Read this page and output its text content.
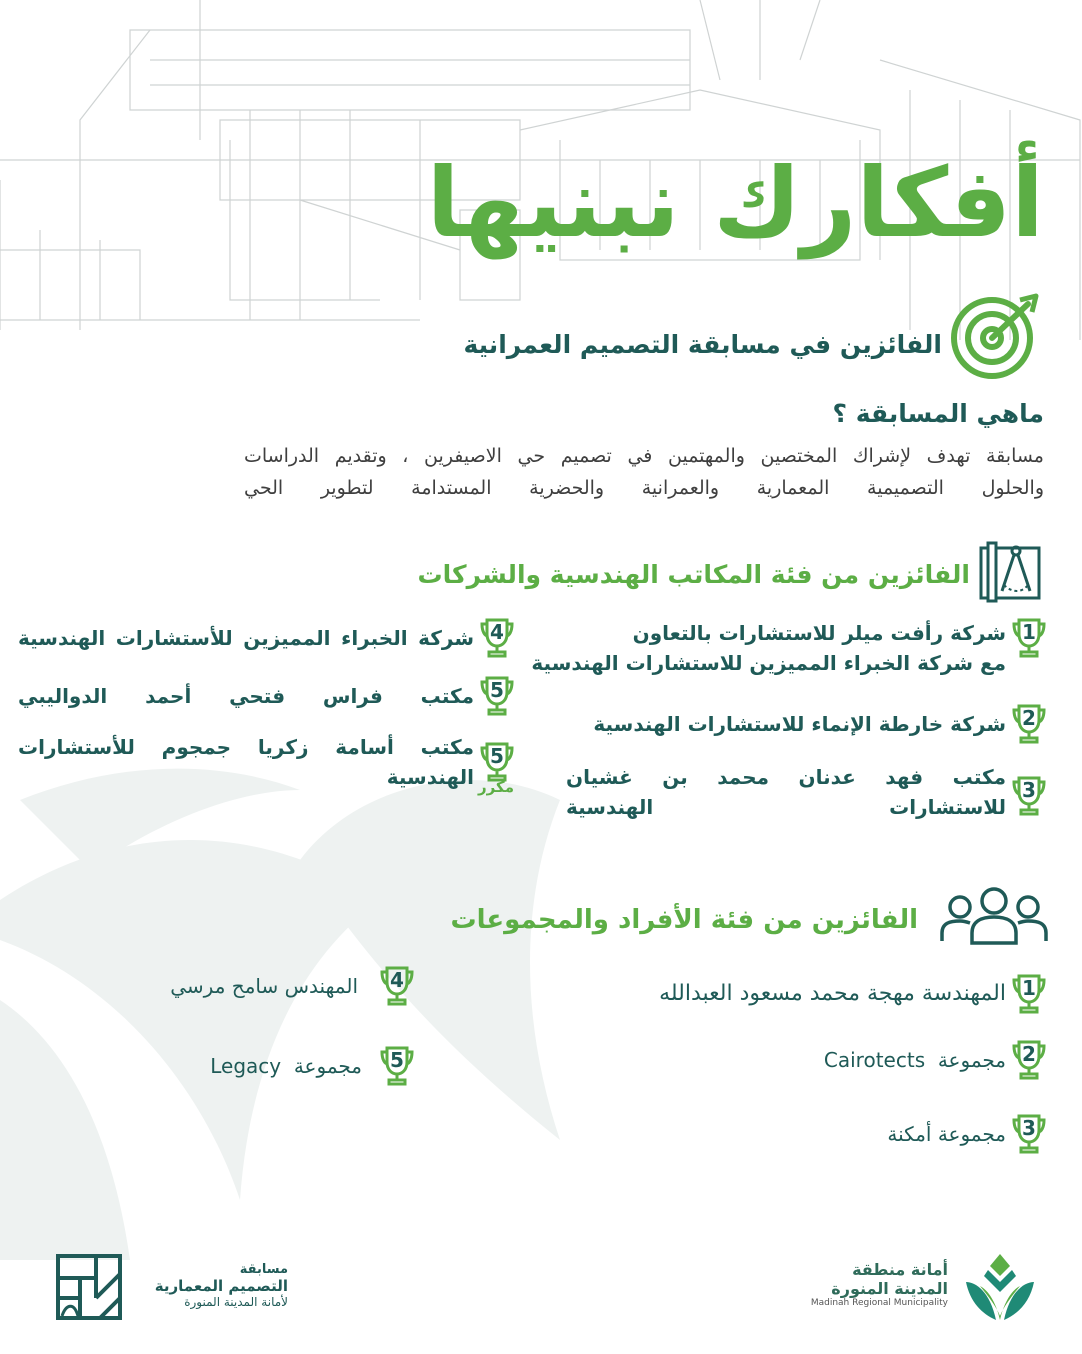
أفكارك نبنيها
الفائزين في مسابقة التصميم العمرانية
ماهي المسابقة ؟
مسابقة تهدف لإشراك المختصين والمهتمين في تصميم حي الاصيفرين ، وتقديم الدراسات
والحلول التصميمية المعمارية والعمرانية والحضرية المستدامة لتطوير الحي
الفائزين من فئة المكاتب الهندسية والشركات
1
شركة رأفت ميلر للاستشارات بالتعاون
مع شركة الخبراء المميزين للاستشارات الهندسية
2
شركة خارطة الإنماء للاستشارات الهندسية
3
مكتب فهد عدنان محمد بن غشيان
للاستشارات الهندسية
4
شركة الخبراء المميزين للأستشارات الهندسية
5
مكتب فراس فتحي أحمد الدواليبي
5
مكتب أسامة زكريا جمجوم للأستشارات الهندسية مكرر
الفائزين من فئة الأفراد والمجموعات
1
المهندسة مهجة محمد مسعود العبدالله
2
مجموعة  Cairotects
3
مجموعة أمكنة
4
المهندس سامح مرسي
5
مجموعة  Legacy
مسابقة
التصميم المعمارية
لأمانة المدينة المنورة
أمانة منطقة
المدينة المنورة
Madinah Regional Municipality
